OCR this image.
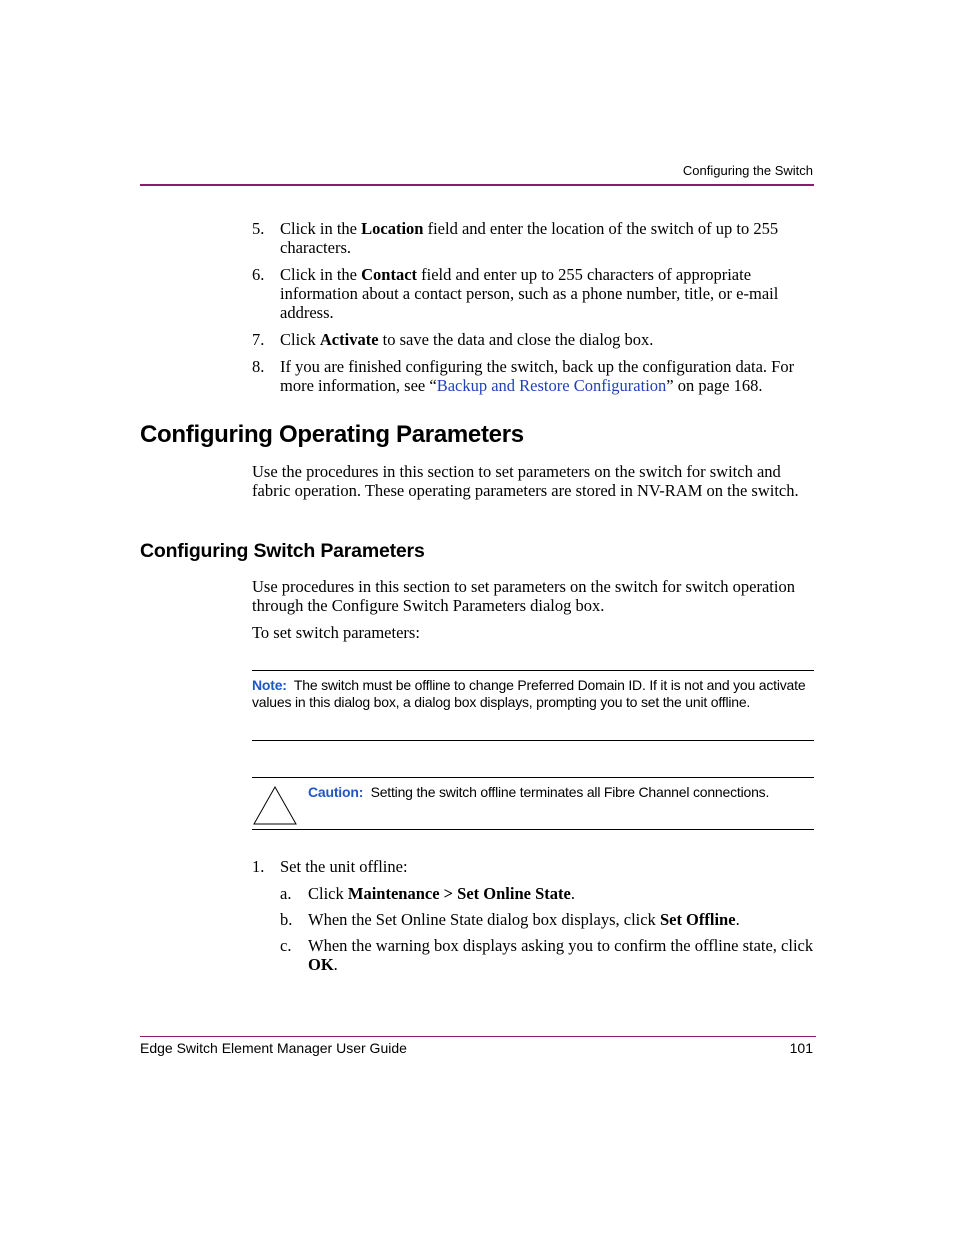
Configuring the Switch
5. Click in the Location field and enter the location of the switch of up to 255 characters.
6. Click in the Contact field and enter up to 255 characters of appropriate information about a contact person, such as a phone number, title, or e-mail address.
7. Click Activate to save the data and close the dialog box.
8. If you are finished configuring the switch, back up the configuration data. For more information, see “Backup and Restore Configuration” on page 168.
Configuring Operating Parameters

Use the procedures in this section to set parameters on the switch for switch and fabric operation. These operating parameters are stored in NV-RAM on the switch.

Configuring Switch Parameters

Use procedures in this section to set parameters on the switch for switch operation through the Configure Switch Parameters dialog box.

To set switch parameters:

Note: The switch must be offline to change Preferred Domain ID. If it is not and you activate values in this dialog box, a dialog box displays, prompting you to set the unit offline.
Caution: Setting the switch offline terminates all Fibre Channel connections.
1. Set the unit offline:
a. Click Maintenance > Set Online State.
b. When the Set Online State dialog box displays, click Set Offline.
c. When the warning box displays asking you to confirm the offline state, click OK.
Edge Switch Element Manager User Guide	101
